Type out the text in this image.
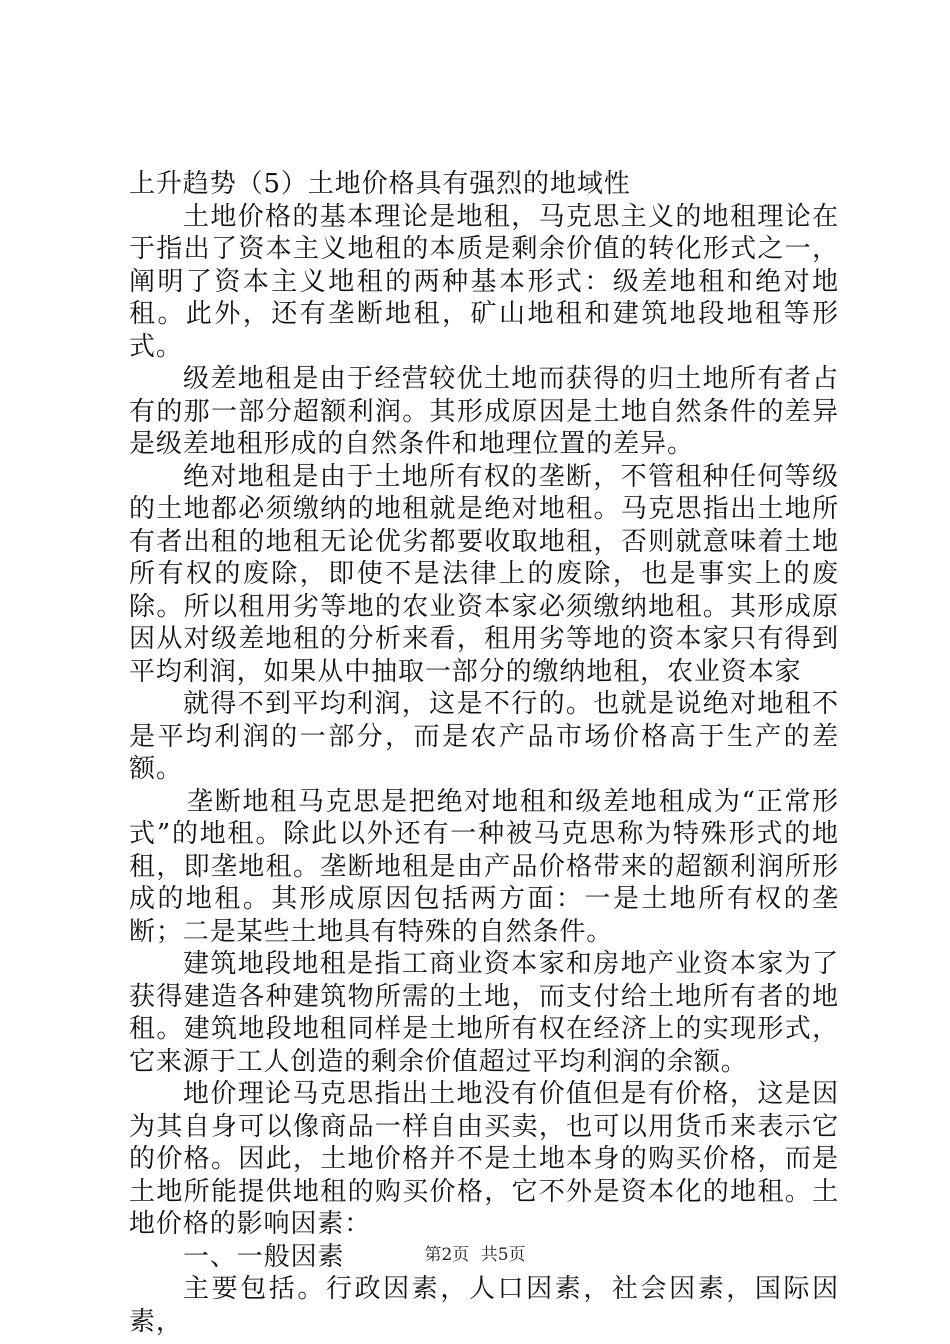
上升趋势（5）土地价格具有强烈的地域性

土地价格的基本理论是地租，马克思主义的地租理论在于指出了资本主义地租的本质是剩余价值的转化形式之一，阐明了资本主义地租的两种基本形式：级差地租和绝对地租。此外，还有垄断地租，矿山地租和建筑地段地租等形式。

级差地租是由于经营较优土地而获得的归土地所有者占有的那一部分超额利润。其形成原因是土地自然条件的差异是级差地租形成的自然条件和地理位置的差异。

绝对地租是由于土地所有权的垄断，不管租种任何等级的土地都必须缴纳的地租就是绝对地租。马克思指出土地所有者出租的地租无论优劣都要收取地租，否则就意味着土地所有权的废除，即使不是法律上的废除，也是事实上的废除。所以租用劣等地的农业资本家必须缴纳地租。其形成原因从对级差地租的分析来看，租用劣等地的资本家只有得到平均利润，如果从中抽取一部分的缴纳地租，农业资本家

就得不到平均利润，这是不行的。也就是说绝对地租不是平均利润的一部分，而是农产品市场价格高于生产的差额。

垄断地租马克思是把绝对地租和级差地租成为“正常形式”的地租。除此以外还有一种被马克思称为特殊形式的地租，即垄地租。垄断地租是由产品价格带来的超额利润所形成的地租。其形成原因包括两方面：一是土地所有权的垄断；二是某些土地具有特殊的自然条件。

建筑地段地租是指工商业资本家和房地产业资本家为了获得建造各种建筑物所需的土地，而支付给土地所有者的地租。建筑地段地租同样是土地所有权在经济上的实现形式，它来源于工人创造的剩余价值超过平均利润的余额。

地价理论马克思指出土地没有价值但是有价格，这是因为其自身可以像商品一样自由买卖，也可以用货币来表示它的价格。因此，土地价格并不是土地本身的购买价格，而是土地所能提供地租的购买价格，它不外是资本化的地租。土地价格的影响因素：

一、一般因素

主要包括。行政因素，人口因素，社会因素，国际因素，

第2页 共5页
